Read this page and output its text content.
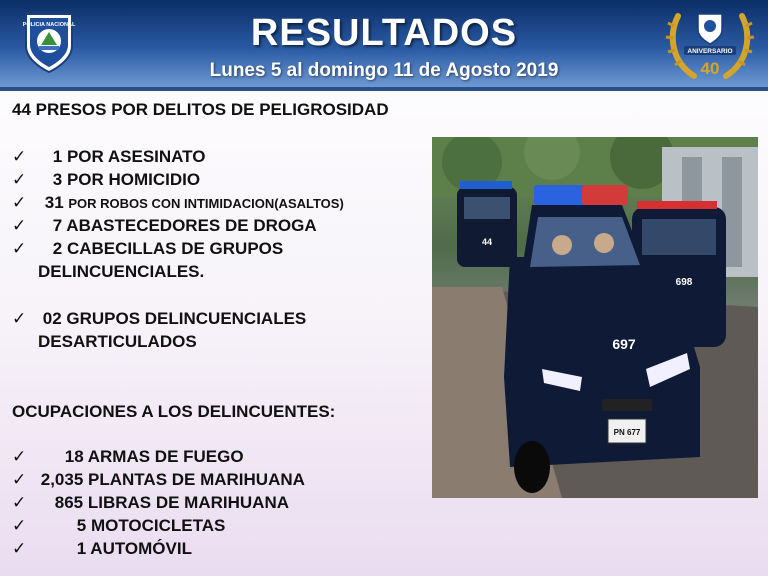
POLICIA NACIONAL	RESULTADOS
Lunes 5 al domingo 11 de Agosto 2019
ANIVERSARIO
40
44 PRESOS POR DELITOS DE PELIGROSIDAD
✓ 1 POR ASESINATO
✓ 3 POR HOMICIDIO
✓ 31 POR ROBOS CON INTIMIDACION(ASALTOS)
✓ 7 ABASTECEDORES DE DROGA
✓ 2 CABECILLAS DE GRUPOS
DELINCUENCIALES.
✓ 02 GRUPOS DELINCUENCIALES
DESARTICULADOS
OCUPACIONES A LOS DELINCUENTES:
✓ 18 ARMAS DE FUEGO
✓ 2,035 PLANTAS DE MARIHUANA
✓ 865 LIBRAS DE MARIHUANA
✓	5 MOTOCICLETAS
✓	1 AUTOMÓVIL
44
698
697
PN 677
